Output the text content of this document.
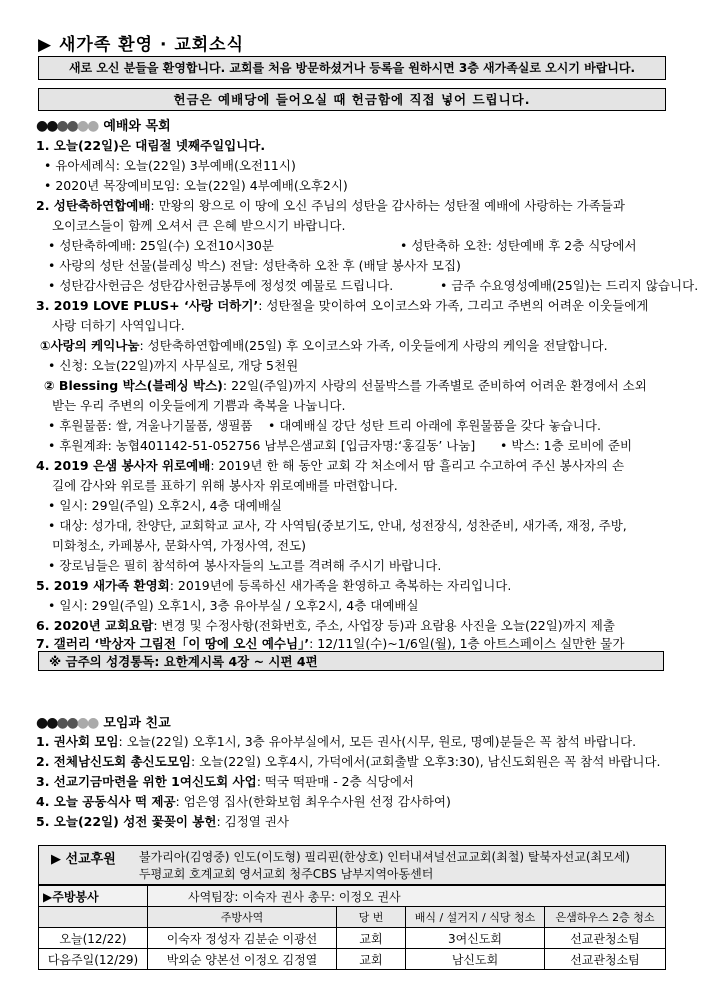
▶ 새가족 환영 · 교회소식
새로 오신 분들을 환영합니다. 교회를 처음 방문하셨거나 등록을 원하시면 3층 새가족실로 오시기 바랍니다.
헌금은 예배당에 들어오실 때 헌금함에 직접 넣어 드립니다.
●●●●●● 예배와 목회
1. 오늘(22일)은 대림절 넷째주일입니다.
• 유아세례식: 오늘(22일) 3부예배(오전11시)
• 2020년 목장예비모임: 오늘(22일) 4부예배(오후2시)
2. 성탄축하연합예배: 만왕의 왕으로 이 땅에 오신 주님의 성탄을 감사하는 성탄절 예배에 사랑하는 가족들과
오이코스들이 함께 오셔서 큰 은혜 받으시기 바랍니다.
• 성탄축하예배: 25일(수) 오전10시30분	• 성탄축하 오찬: 성탄예배 후 2층 식당에서
• 사랑의 성탄 선물(블레싱 박스) 전달: 성탄축하 오찬 후 (배달 봉사자 모집)
• 성탄감사헌금은 성탄감사헌금봉투에 정성껏 예물로 드립니다.	• 금주 수요영성예배(25일)는 드리지 않습니다.
3. 2019 LOVE PLUS+ ‘사랑 더하기’: 성탄절을 맞이하여 오이코스와 가족, 그리고 주변의 어려운 이웃들에게
사랑 더하기 사역입니다.
①사랑의 케익나눔: 성탄축하연합예배(25일) 후 오이코스와 가족, 이웃들에게 사랑의 케익을 전달합니다.
• 신청: 오늘(22일)까지 사무실로, 개당 5천원
② Blessing 박스(블레싱 박스): 22일(주일)까지 사랑의 선물박스를 가족별로 준비하여 어려운 환경에서 소외
받는 우리 주변의 이웃들에게 기쁨과 축복을 나눕니다.
• 후원물품: 쌀, 겨울나기물품, 생필품 • 대예배실 강단 성탄 트리 아래에 후원물품을 갖다 놓습니다.
• 후원계좌: 농협401142-51-052756 남부은샘교회 [입금자명:‘홍길동’ 나눔] • 박스: 1층 로비에 준비
4. 2019 은샘 봉사자 위로예배: 2019년 한 해 동안 교회 각 처소에서 땀 흘리고 수고하여 주신 봉사자의 손
길에 감사와 위로를 표하기 위해 봉사자 위로예배를 마련합니다.
• 일시: 29일(주일) 오후2시, 4층 대예배실
• 대상: 성가대, 찬양단, 교회학교 교사, 각 사역팀(중보기도, 안내, 성전장식, 성찬준비, 새가족, 재정, 주방,
미화청소, 카페봉사, 문화사역, 가정사역, 전도)
• 장로님들은 필히 참석하여 봉사자들의 노고를 격려해 주시기 바랍니다.
5. 2019 새가족 환영회: 2019년에 등록하신 새가족을 환영하고 축복하는 자리입니다.
• 일시: 29일(주일) 오후1시, 3층 유아부실 / 오후2시, 4층 대예배실
6. 2020년 교회요람: 변경 및 수정사항(전화번호, 주소, 사업장 등)과 요람용 사진을 오늘(22일)까지 제출
7. 갤러리 ‘박상자 그림전「이 땅에 오신 예수님」’: 12/11일(수)~1/6일(월), 1층 아트스페이스 실만한 물가
※ 금주의 성경통독: 요한계시록 4장 ~ 시편 4편
●●●●●● 모임과 친교
1. 권사회 모임: 오늘(22일) 오후1시, 3층 유아부실에서, 모든 권사(시무, 원로, 명예)분들은 꼭 참석 바랍니다.
2. 전체남신도회 총신도모임: 오늘(22일) 오후4시, 가덕에서(교회출발 오후3:30), 남신도회원은 꼭 참석 바랍니다.
3. 선교기금마련을 위한 1여신도회 사업: 떡국 떡판매 - 2층 식당에서
4. 오늘 공동식사 떡 제공: 엄은영 집사(한화보험 최우수사원 선정 감사하여)
5. 오늘(22일) 성전 꽃꽂이 봉헌: 김정열 권사
▶ 선교후원 불가리아(김영중) 인도(이도형) 필리핀(한상호) 인터내셔널선교교회(최철) 탈북자선교(최모세)
두평교회 호계교회 영서교회 청주CBS 남부지역아동센터
▶주방봉사	사역팀장: 이숙자 권사 총무: 이정오 권사			
	주방사역	당 번	배식 / 설거지 / 식당 청소	은샘하우스 2층 청소
오늘(12/22)	이숙자 정성자 김분순 이광선	교회	3여신도회	선교관청소팀
다음주일(12/29)	박외순 양본선 이정오 김정열	교회	남신도회	선교관청소팀
